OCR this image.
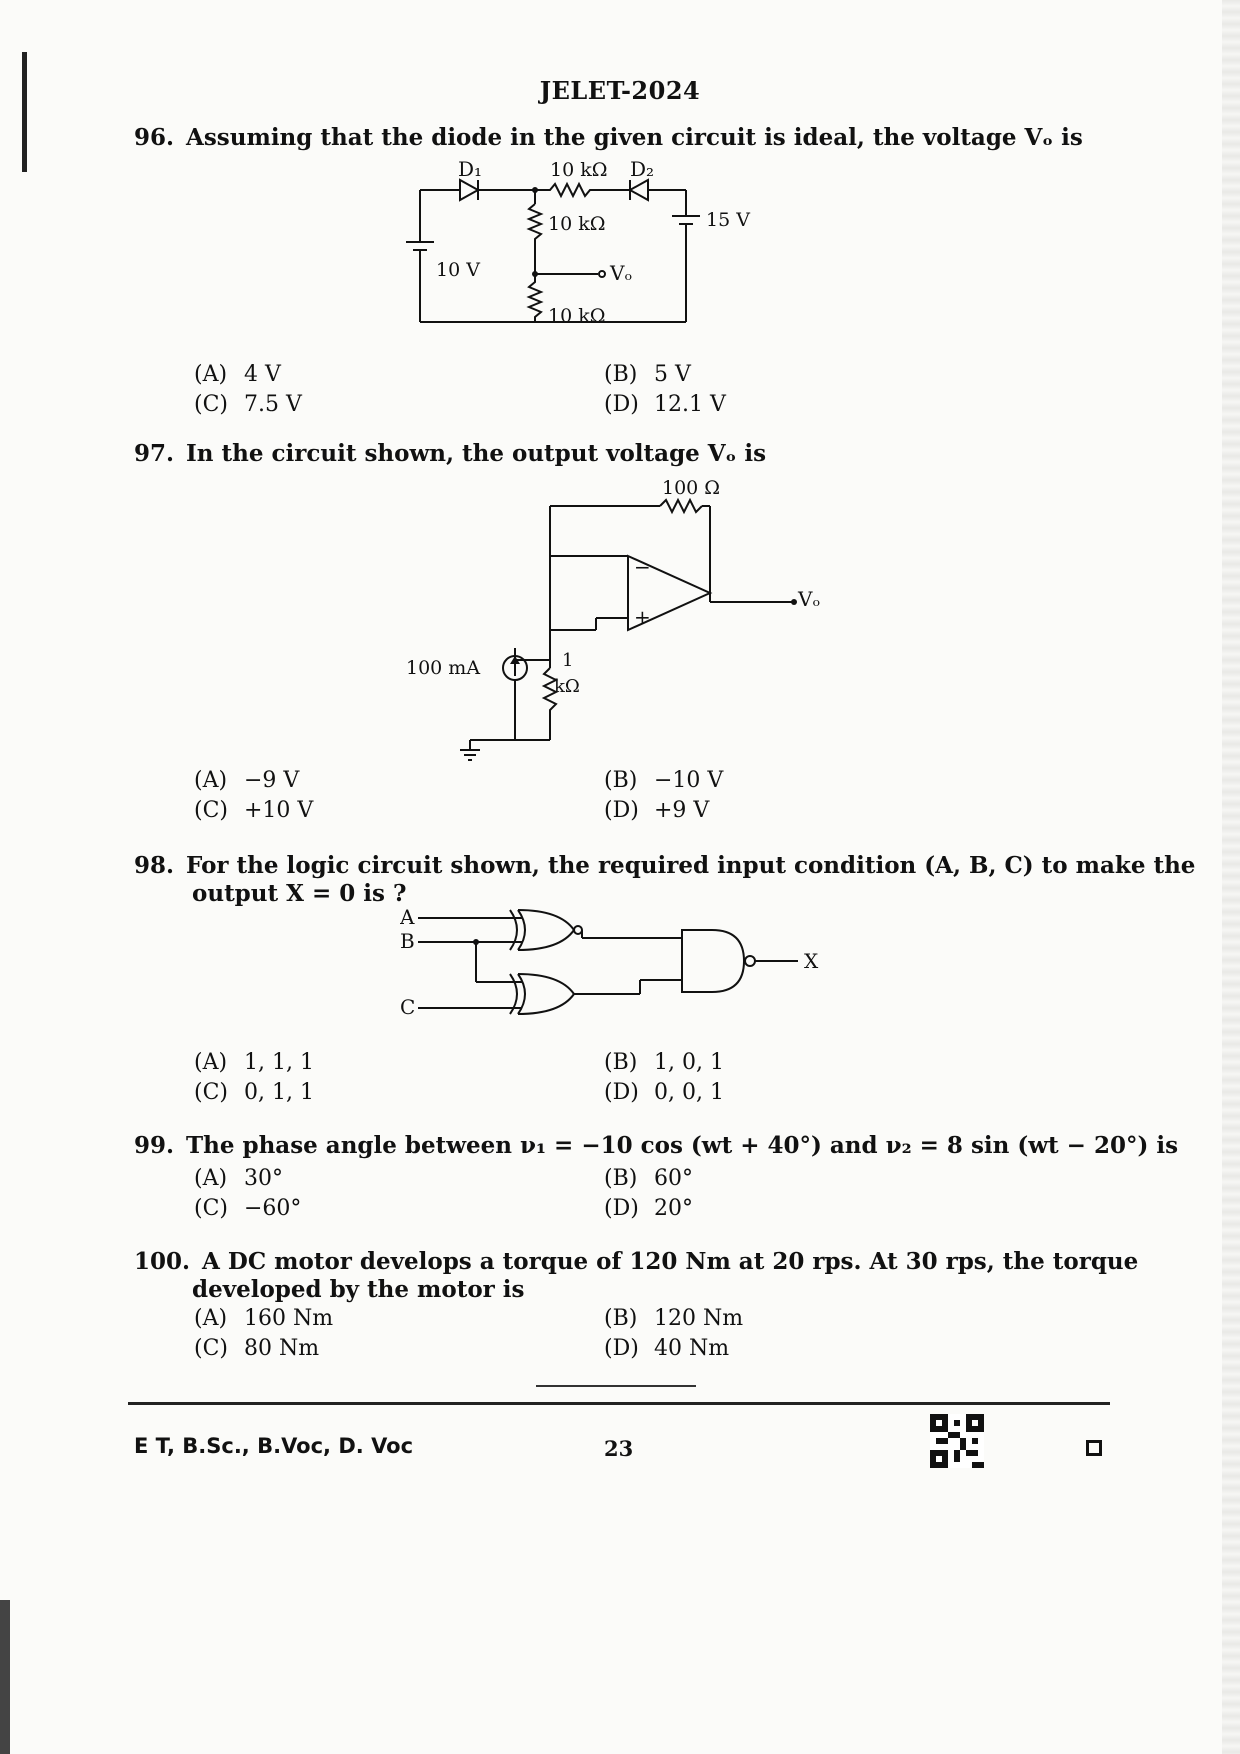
JELET-2024
96. Assuming that the diode in the given circuit is ideal, the voltage Vₒ is
D₁	10 kΩ D₂
10 kΩ
10 kΩ
10 V
15 V
Vₒ
(A) 4 V	(B) 5 V
(C) 7.5 V	(D) 12.1 V
97. In the circuit shown, the output voltage Vₒ is
100 Ω
−
+
Vₒ
100 mA	1
kΩ
(A) −9 V	(B) −10 V
(C) +10 V	(D) +9 V
98. For the logic circuit shown, the required input condition (A, B, C) to make the
output X = 0 is ?
A
B
C
X
(A) 1, 1, 1	(B) 1, 0, 1
(C) 0, 1, 1	(D) 0, 0, 1
99. The phase angle between ν₁ = −10 cos (wt + 40°) and ν₂ = 8 sin (wt − 20°) is
(A) 30°	(B) 60°
(C) −60°	(D) 20°
100. A DC motor develops a torque of 120 Nm at 20 rps. At 30 rps, the torque
developed by the motor is
(A) 160 Nm	(B) 120 Nm
(C) 80 Nm	(D) 40 Nm
E T, B.Sc., B.Voc, D. Voc	23
